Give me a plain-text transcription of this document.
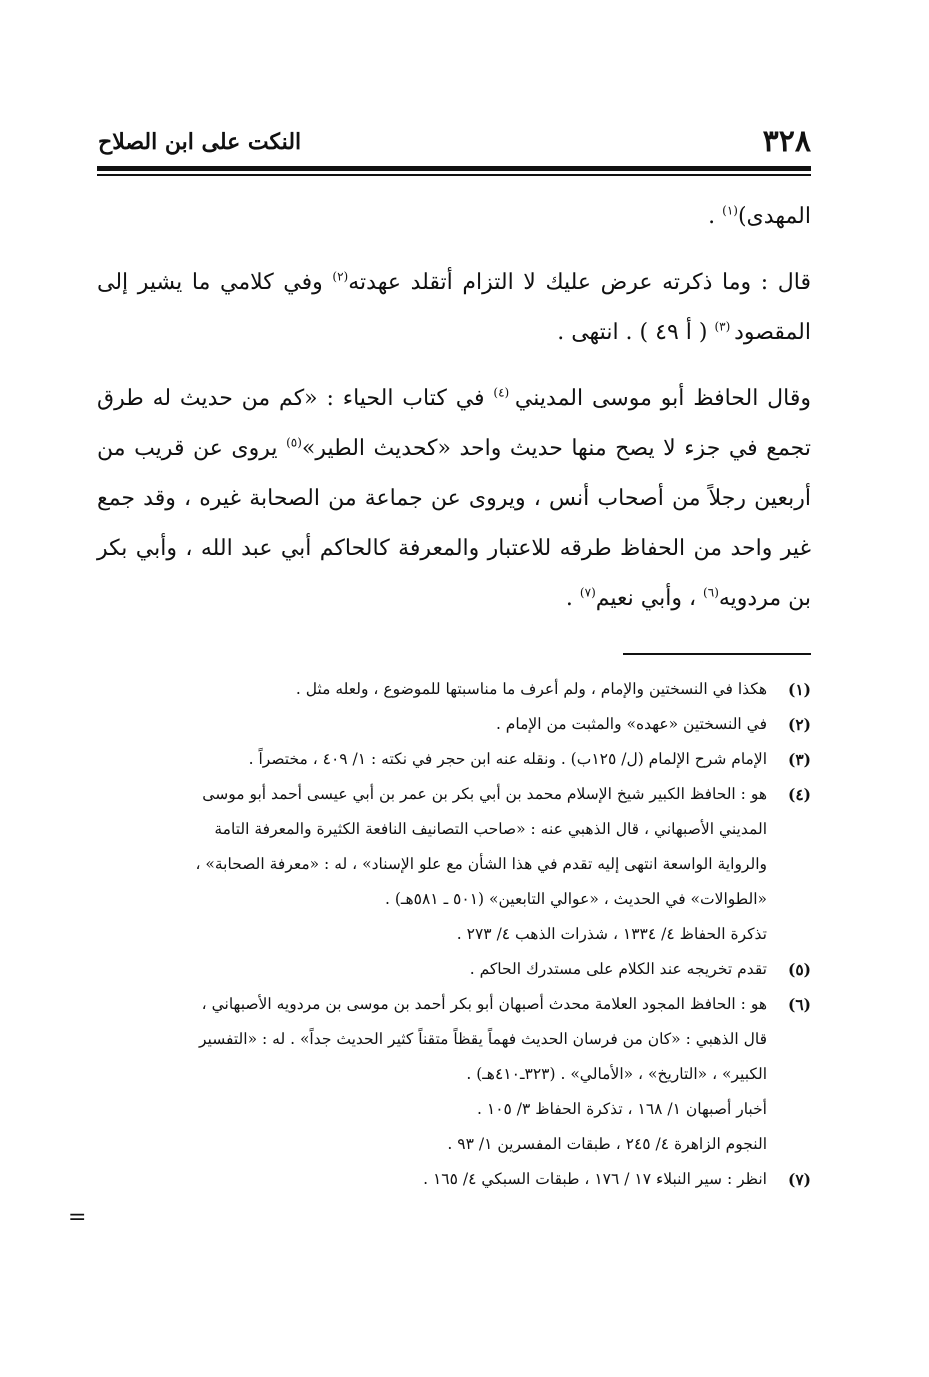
٣٢٨
النكت على ابن الصلاح

المهدى)$^{(١)}$ .

قال : وما ذكرته عرض عليك لا التزام أتقلد عهدته$^{(٢)}$ وفي كلامي ما يشير إلى المقصود $^{(٣)}$ ( أ ٤٩ ) . انتهى .

وقال الحافظ أبو موسى المديني $^{(٤)}$ في كتاب الحياء : «كم من حديث له طرق تجمع في جزء لا يصح منها حديث واحد «كحديث الطير»$^{(٥)}$ يروى عن قريب من أربعين رجلاً من أصحاب أنس ، ويروى عن جماعة من الصحابة غيره ، وقد جمع غير واحد من الحفاظ طرقه للاعتبار والمعرفة كالحاكم أبي عبد الله ، وأبي بكر بن مردويه$^{(٦)}$ ، وأبي نعيم$^{(٧)}$ .

(١)
هكذا في النسختين والإمام ، ولم أعرف ما مناسبتها للموضوع ، ولعله مثل .
(٢)
في النسختين «عهده» والمثبت من الإمام .
(٣)
الإمام شرح الإلمام (ل/ ١٢٥ب) . ونقله عنه ابن حجر في نكته : ١/ ٤٠٩ ، مختصراً .
(٤)
هو : الحافظ الكبير شيخ الإسلام محمد بن أبي بكر بن عمر بن أبي عيسى أحمد أبو موسى
المديني الأصبهاني ، قال الذهبي عنه : «صاحب التصانيف النافعة الكثيرة والمعرفة التامة
والرواية الواسعة انتهى إليه تقدم في هذا الشأن مع علو الإسناد» ، له : «معرفة الصحابة» ،
«الطوالات» في الحديث ، «عوالي التابعين» (٥٠١ ـ ٥٨١هـ) .
تذكرة الحفاظ ٤/ ١٣٣٤ ، شذرات الذهب ٤/ ٢٧٣ .
(٥)
تقدم تخريجه عند الكلام على مستدرك الحاكم .
(٦)
هو : الحافظ المجود العلامة محدث أصبهان أبو بكر أحمد بن موسى بن مردويه الأصبهاني ،
قال الذهبي : «كان من فرسان الحديث فهماً يقظاً متقناً كثير الحديث جداً» . له : «التفسير
الكبير» ، «التاريخ» ، «الأمالي» . (٣٢٣ـ٤١٠هـ) .
أخبار أصبهان ١/ ١٦٨ ، تذكرة الحفاظ ٣/ ١٠٥ .
النجوم الزاهرة ٤/ ٢٤٥ ، طبقات المفسرين ١/ ٩٣ .
(٧)
انظر : سير النبلاء ١٧ / ١٧٦ ، طبقات السبكي ٤/ ١٦٥ .
=
